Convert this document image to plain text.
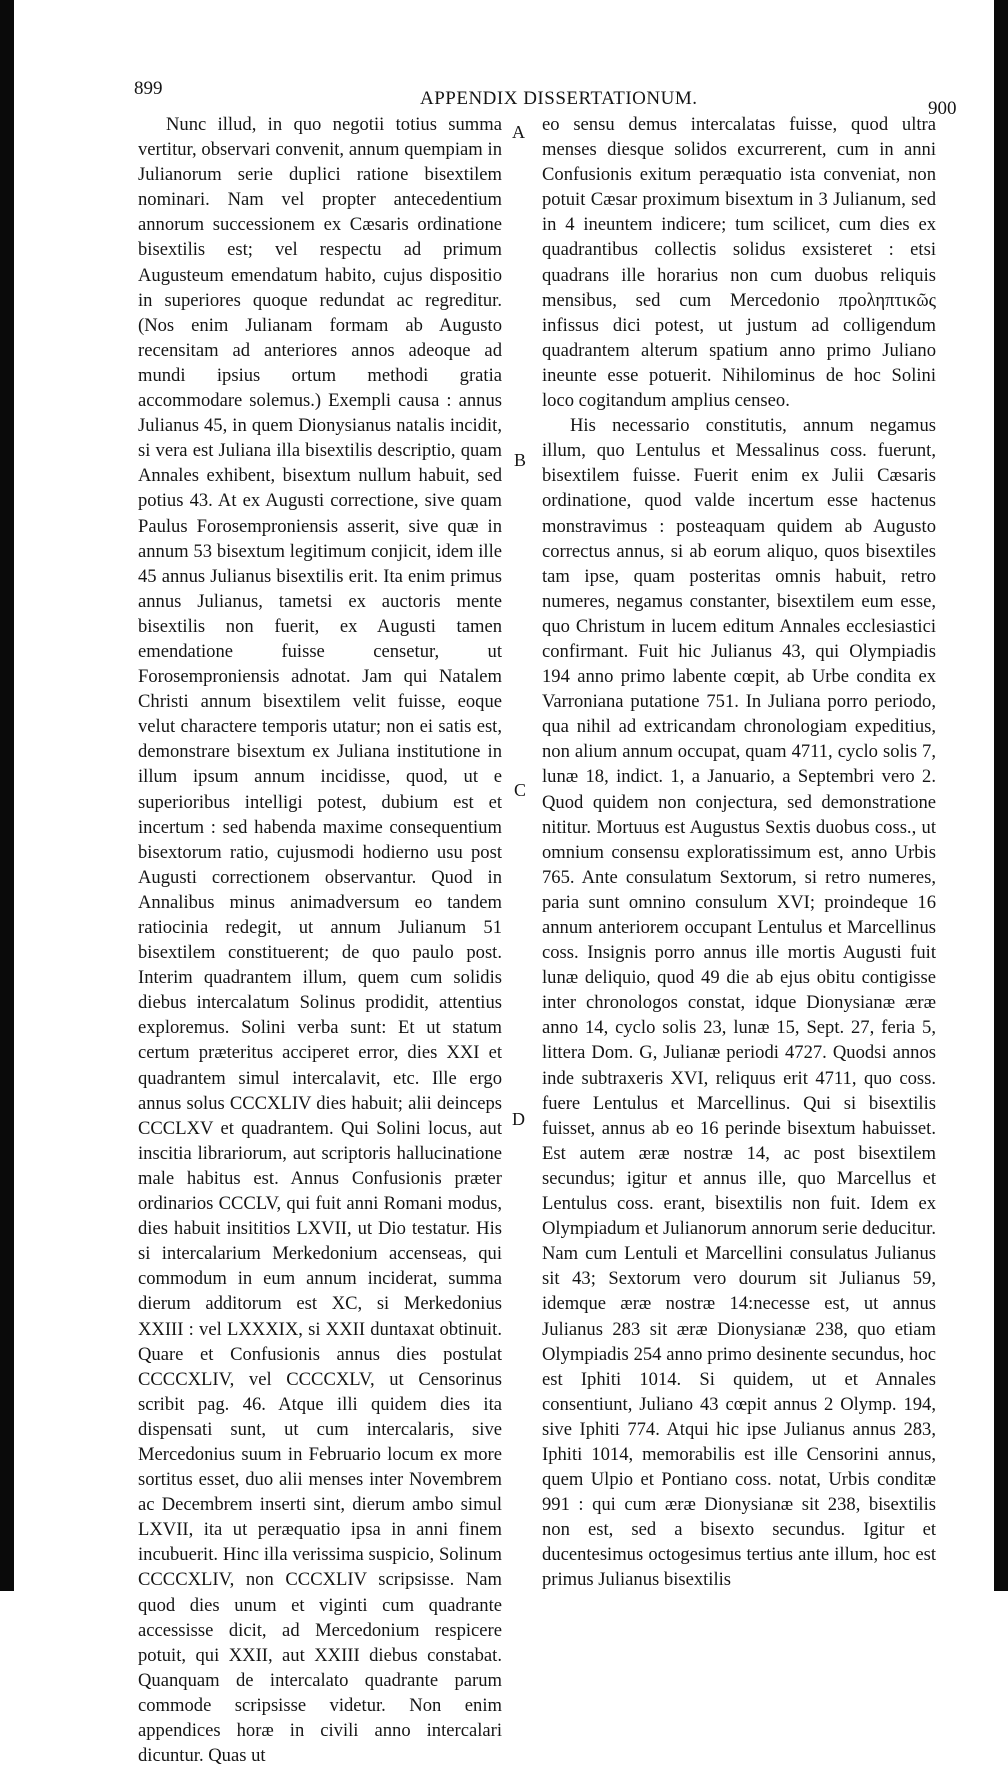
899	APPENDIX DISSERTATIONUM.	900

Nunc illud, in quo negotii totius summa vertitur, observari convenit, annum quempiam in Julianorum serie duplici ratione bisextilem nominari. Nam vel propter antecedentium annorum successionem ex Cæsaris ordinatione bisextilis est; vel respectu ad primum Augusteum emendatum habito, cujus dispositio in superiores quoque redundat ac regreditur. (Nos enim Julianam formam ab Augusto recensitam ad anteriores annos adeoque ad mundi ipsius ortum methodi gratia accommodare solemus.) Exempli causa : annus Julianus 45, in quem Dionysianus natalis incidit, si vera est Juliana illa bisextilis descriptio, quam Annales exhibent, bisextum nullum habuit, sed potius 43. At ex Augusti correctione, sive quam Paulus Forosemproniensis asserit, sive quæ in annum 53 bisextum legitimum conjicit, idem ille 45 annus Julianus bisextilis erit. Ita enim primus annus Julianus, tametsi ex auctoris mente bisextilis non fuerit, ex Augusti tamen emendatione fuisse censetur, ut Forosemproniensis adnotat. Jam qui Natalem Christi annum bisextilem velit fuisse, eoque velut charactere temporis utatur; non ei satis est, demonstrare bisextum ex Juliana institutione in illum ipsum annum incidisse, quod, ut e superioribus intelligi potest, dubium est et incertum : sed habenda maxime consequentium bisextorum ratio, cujusmodi hodierno usu post Augusti correctionem observantur. Quod in Annalibus minus animadversum eo tandem ratiocinia redegit, ut annum Julianum 51 bisextilem constituerent; de quo paulo post. Interim quadrantem illum, quem cum solidis diebus intercalatum Solinus prodidit, attentius exploremus. Solini verba sunt: Et ut statum certum præteritus acciperet error, dies XXI et quadrantem simul intercalavit, etc. Ille ergo annus solus CCCXLIV dies habuit; alii deinceps CCCLXV et quadrantem. Qui Solini locus, aut inscitia librariorum, aut scriptoris hallucinatione male habitus est. Annus Confusionis præter ordinarios CCCLV, qui fuit anni Romani modus, dies habuit insititios LXVII, ut Dio testatur. His si intercalarium Merkedonium accenseas, qui commodum in eum annum inciderat, summa dierum additorum est XC, si Merkedonius XXIII : vel LXXXIX, si XXII duntaxat obtinuit. Quare et Confusionis annus dies postulat CCCCXLIV, vel CCCCXLV, ut Censorinus scribit pag. 46. Atque illi quidem dies ita dispensati sunt, ut cum intercalaris, sive Mercedonius suum in Februario locum ex more sortitus esset, duo alii menses inter Novembrem ac Decembrem inserti sint, dierum ambo simul LXVII, ita ut peræquatio ipsa in anni finem incubuerit. Hinc illa verissima suspicio, Solinum CCCCXLIV, non CCCXLIV scripsisse. Nam quod dies unum et viginti cum quadrante accessisse dicit, ad Mercedonium respicere potuit, qui XXII, aut XXIII diebus constabat. Quanquam de intercalato quadrante parum commode scripsisse videtur. Non enim appendices horæ in civili anno intercalari dicuntur. Quas ut

A
B
C
D

eo sensu demus intercalatas fuisse, quod ultra menses diesque solidos excurrerent, cum in anni Confusionis exitum peræquatio ista conveniat, non potuit Cæsar proximum bisextum in 3 Julianum, sed in 4 ineuntem indicere; tum scilicet, cum dies ex quadrantibus collectis solidus exsisteret : etsi quadrans ille horarius non cum duobus reliquis mensibus, sed cum Mercedonio προληπτικῶς infissus dici potest, ut justum ad colligendum quadrantem alterum spatium anno primo Juliano ineunte esse potuerit. Nihilominus de hoc Solini loco cogitandum amplius censeo.

His necessario constitutis, annum negamus illum, quo Lentulus et Messalinus coss. fuerunt, bisextilem fuisse. Fuerit enim ex Julii Cæsaris ordinatione, quod valde incertum esse hactenus monstravimus : posteaquam quidem ab Augusto correctus annus, si ab eorum aliquo, quos bisextiles tam ipse, quam posteritas omnis habuit, retro numeres, negamus constanter, bisextilem eum esse, quo Christum in lucem editum Annales ecclesiastici confirmant. Fuit hic Julianus 43, qui Olympiadis 194 anno primo labente cœpit, ab Urbe condita ex Varroniana putatione 751. In Juliana porro periodo, qua nihil ad extricandam chronologiam expeditius, non alium annum occupat, quam 4711, cyclo solis 7, lunæ 18, indict. 1, a Januario, a Septembri vero 2. Quod quidem non conjectura, sed demonstratione nititur. Mortuus est Augustus Sextis duobus coss., ut omnium consensu exploratissimum est, anno Urbis 765. Ante consulatum Sextorum, si retro numeres, paria sunt omnino consulum XVI; proindeque 16 annum anteriorem occupant Lentulus et Marcellinus coss. Insignis porro annus ille mortis Augusti fuit lunæ deliquio, quod 49 die ab ejus obitu contigisse inter chronologos constat, idque Dionysianæ æræ anno 14, cyclo solis 23, lunæ 15, Sept. 27, feria 5, littera Dom. G, Julianæ periodi 4727. Quodsi annos inde subtraxeris XVI, reliquus erit 4711, quo coss. fuere Lentulus et Marcellinus. Qui si bisextilis fuisset, annus ab eo 16 perinde bisextum habuisset. Est autem æræ nostræ 14, ac post bisextilem secundus; igitur et annus ille, quo Marcellus et Lentulus coss. erant, bisextilis non fuit. Idem ex Olympiadum et Julianorum annorum serie deducitur. Nam cum Lentuli et Marcellini consulatus Julianus sit 43; Sextorum vero dourum sit Julianus 59, idemque æræ nostræ 14:necesse est, ut annus Julianus 283 sit æræ Dionysianæ 238, quo etiam Olympiadis 254 anno primo desinente secundus, hoc est Iphiti 1014. Si quidem, ut et Annales consentiunt, Juliano 43 cœpit annus 2 Olymp. 194, sive Iphiti 774. Atqui hic ipse Julianus annus 283, Iphiti 1014, memorabilis est ille Censorini annus, quem Ulpio et Pontiano coss. notat, Urbis conditæ 991 : qui cum æræ Dionysianæ sit 238, bisextilis non est, sed a bisexto secundus. Igitur et ducentesimus octogesimus tertius ante illum, hoc est primus Julianus bisextilis
